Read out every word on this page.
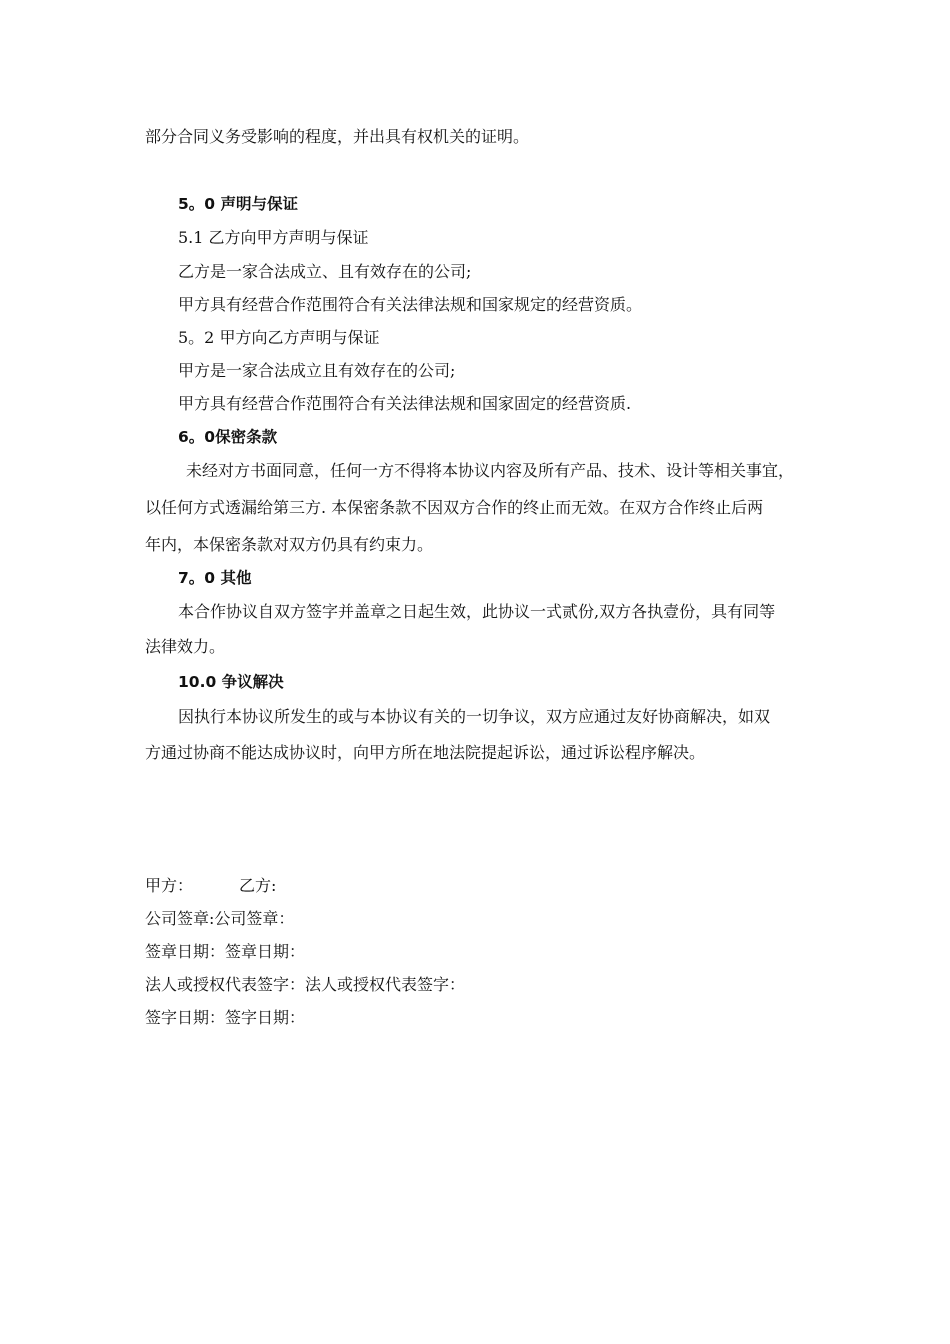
部分合同义务受影响的程度，并出具有权机关的证明。
5。0 声明与保证
5.1 乙方向甲方声明与保证
乙方是一家合法成立、且有效存在的公司;
甲方具有经营合作范围符合有关法律法规和国家规定的经营资质。
5。2 甲方向乙方声明与保证
甲方是一家合法成立且有效存在的公司;
甲方具有经营合作范围符合有关法律法规和国家固定的经营资质.
6。0保密条款
未经对方书面同意，任何一方不得将本协议内容及所有产品、技术、设计等相关事宜，
以任何方式透漏给第三方. 本保密条款不因双方合作的终止而无效。在双方合作终止后两
年内，本保密条款对双方仍具有约束力。
7。0 其他
本合作协议自双方签字并盖章之日起生效，此协议一式贰份,双方各执壹份，具有同等
法律效力。
10.0 争议解决
因执行本协议所发生的或与本协议有关的一切争议，双方应通过友好协商解决，如双
方通过协商不能达成协议时，向甲方所在地法院提起诉讼，通过诉讼程序解决。
甲方：	乙方:
公司签章:公司签章：
签章日期：签章日期：
法人或授权代表签字：法人或授权代表签字：
签字日期：签字日期：
